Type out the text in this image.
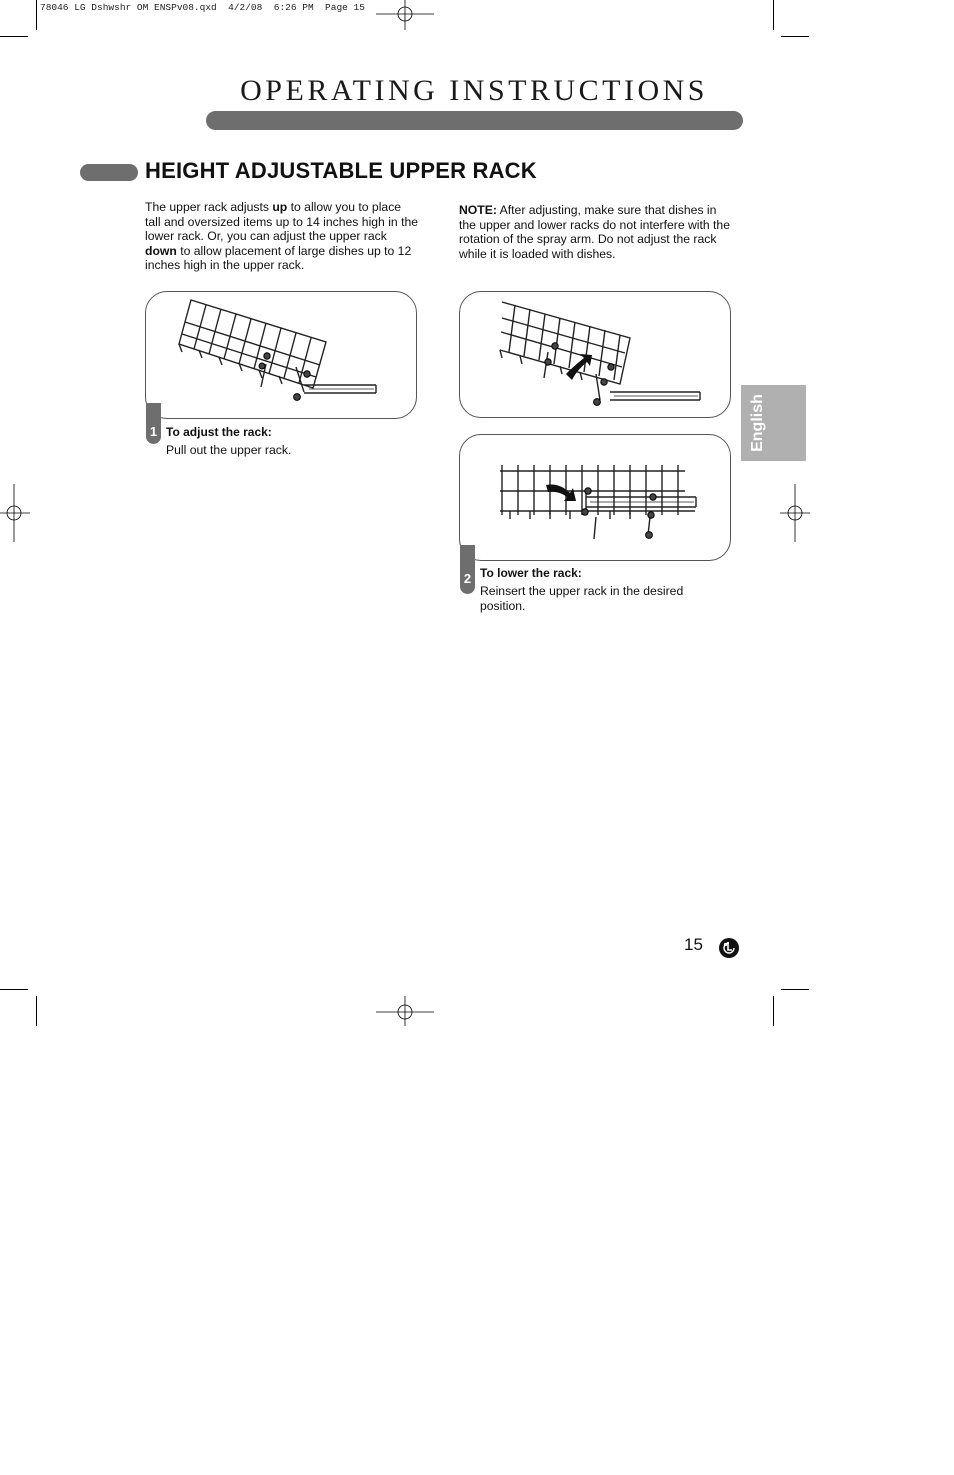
78046 LG Dshwshr OM ENSPv08.qxd  4/2/08  6:26 PM  Page 15
OPERATING INSTRUCTIONS
HEIGHT ADJUSTABLE UPPER RACK
The upper rack adjusts up to allow you to place tall and oversized items up to 14 inches high in the lower rack. Or, you can adjust the upper rack down to allow placement of large dishes up to 12 inches high in the upper rack.
NOTE: After adjusting, make sure that dishes in the upper and lower racks do not interfere with the rotation of the spray arm. Do not adjust the rack while it is loaded with dishes.
1 To adjust the rack:
Pull out the upper rack.
2 To lower the rack:
Reinsert the upper rack in the desired position.
English
15
